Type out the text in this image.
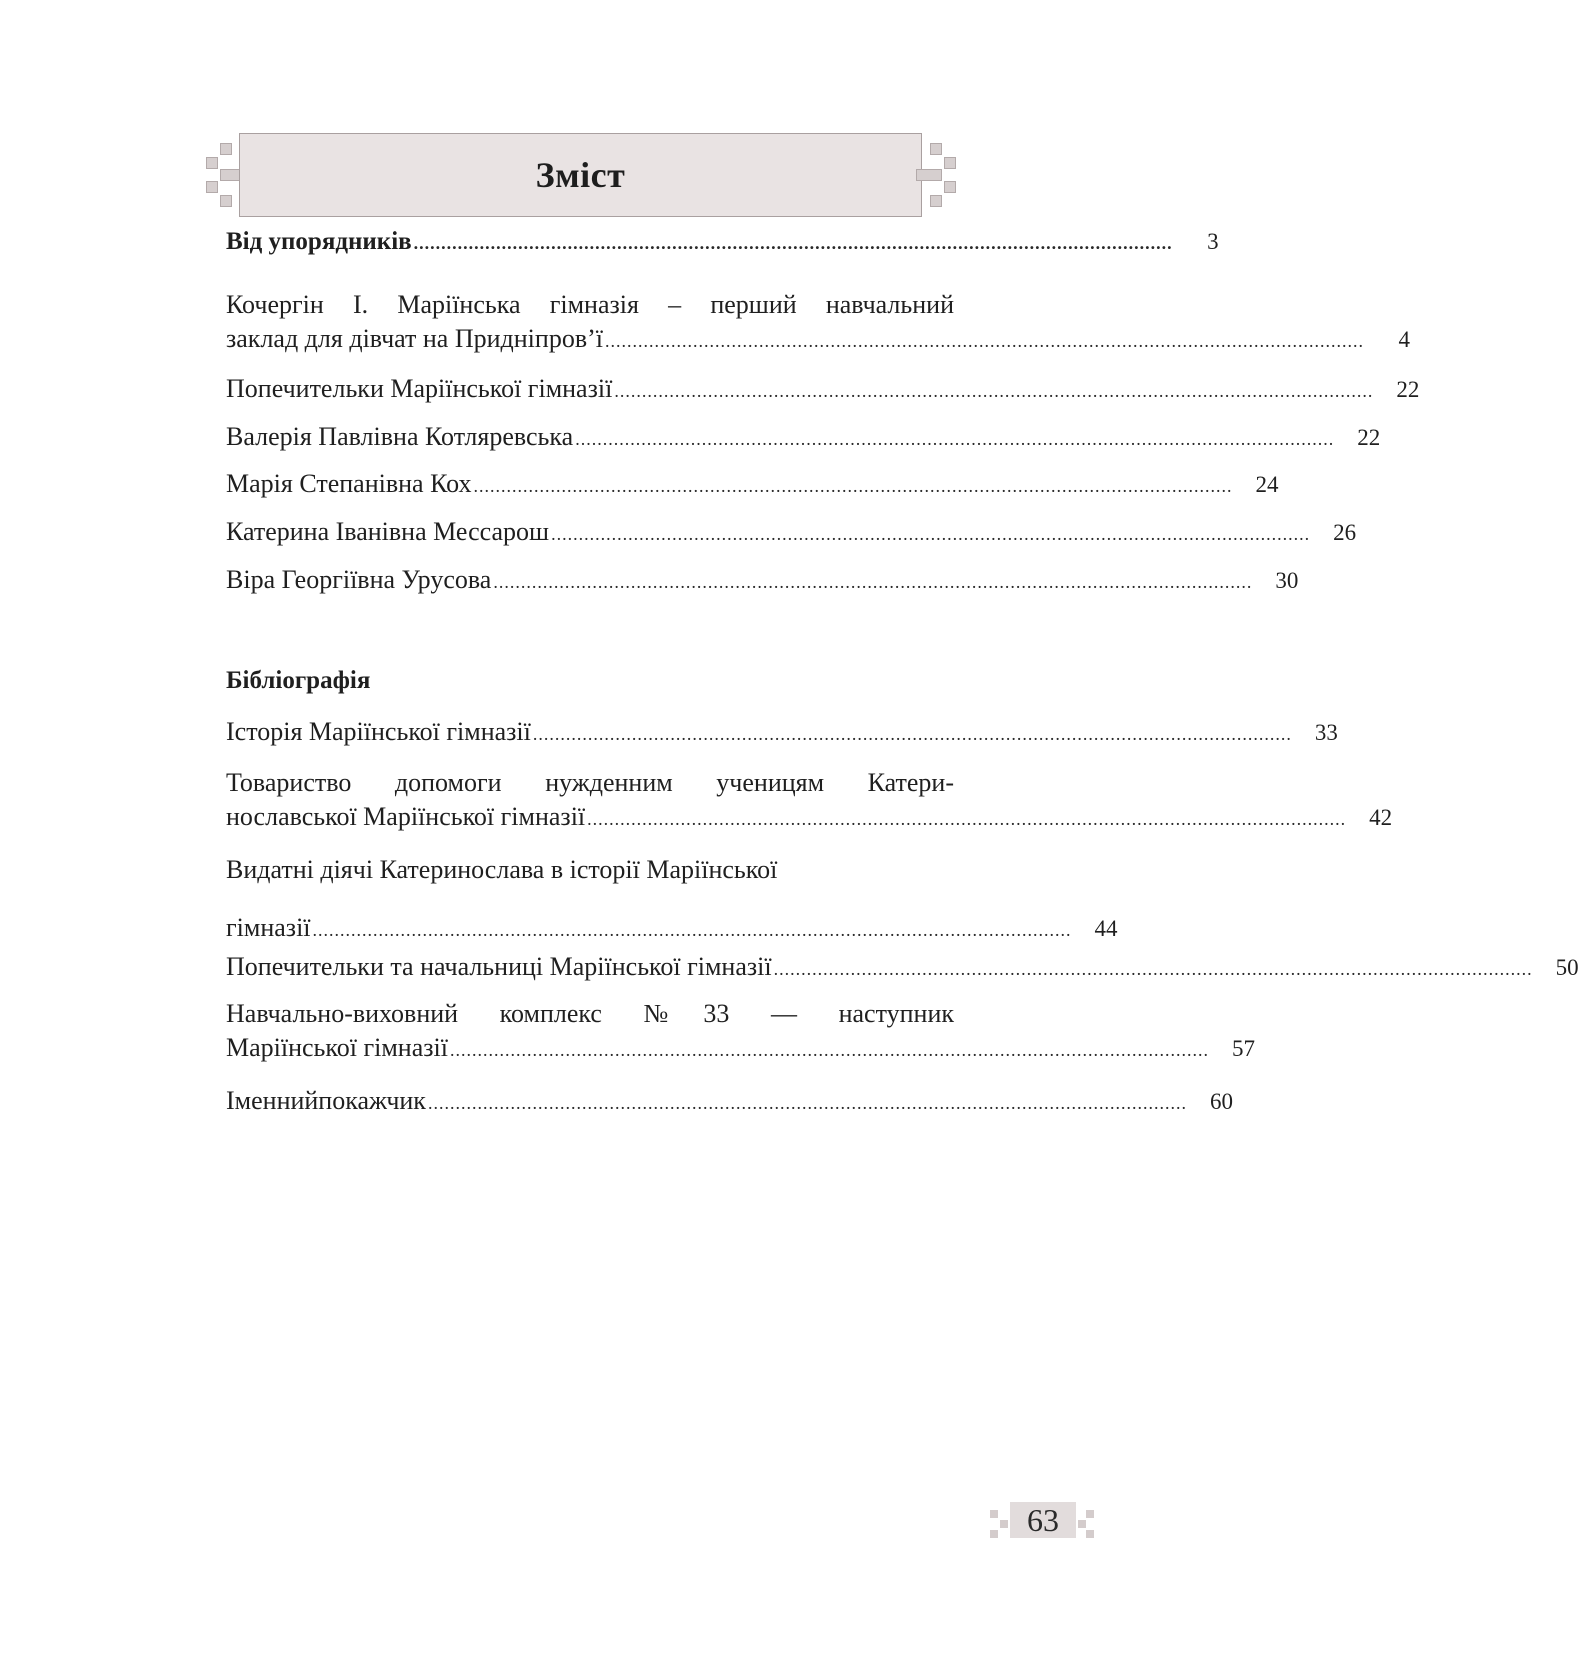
Зміст
Від упорядників ..........................................................................................................................................	3
Кочергін І. Маріїнська гімназія – перший навчальний
заклад для дівчат на Придніпров’ї ..........................................................................................................................................	4
Попечительки Маріїнської гімназії ..........................................................................................................................................	22
Валерія Павлівна Котляревська ..........................................................................................................................................	22
Марія Степанівна Кох ..........................................................................................................................................	24
Катерина Іванівна Мессарош ..........................................................................................................................................	26
Віра Георгіївна Урусова ..........................................................................................................................................	30
Бібліографія
Історія Маріїнської гімназії ..........................................................................................................................................	33
Товариство допомоги нужденним ученицям Катери-
нославської Маріїнської гімназії ..........................................................................................................................................	42
Видатні діячі Катеринослава в історії Маріїнської
гімназії ..........................................................................................................................................	44
Попечительки та начальниці Маріїнської гімназії ..........................................................................................................................................	50
Навчально-виховний комплекс №33 — наступник
Маріїнської гімназії ..........................................................................................................................................	57
Іменнийпокажчик ..........................................................................................................................................	60
63
